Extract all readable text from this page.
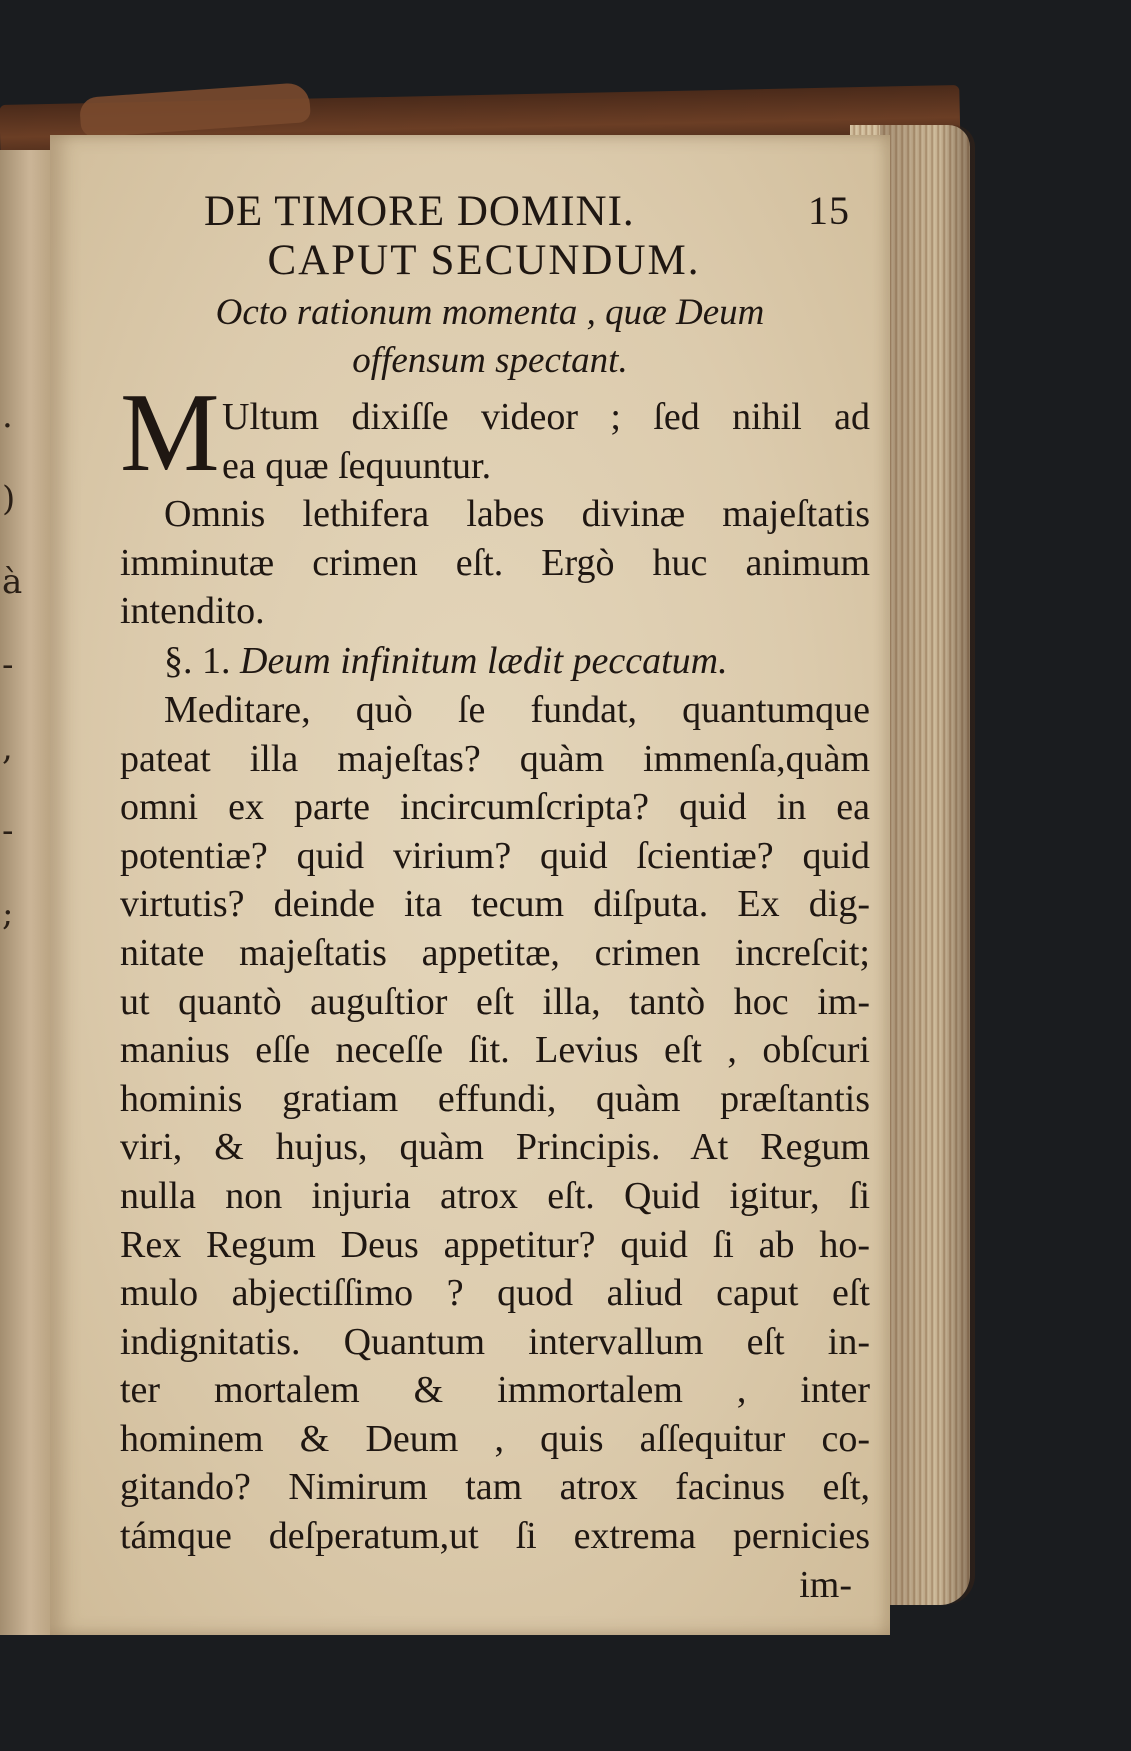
.
)
à
-
,
-
;
DE TIMORE DOMINI.	15
CAPUT SECUNDUM.
Octo rationum momenta , quæ Deum
offensum spectant.
M Ultum dixiſſe videor ; ſed nihil ad
ea quæ ſequuntur.
Omnis lethifera labes divinæ majeſtatis
imminutæ crimen eſt. Ergò huc animum
intendito.
§. 1. Deum infinitum lædit peccatum.
Meditare, quò ſe fundat, quantumque
pateat illa majeſtas? quàm immenſa,quàm
omni ex parte incircumſcripta? quid in ea
potentiæ? quid virium? quid ſcientiæ? quid
virtutis? deinde ita tecum diſputa. Ex dig-
nitate majeſtatis appetitæ, crimen increſcit;
ut quantò auguſtior eſt illa, tantò hoc im-
manius eſſe neceſſe ſit. Levius eſt , obſcuri
hominis gratiam effundi, quàm præſtantis
viri, & hujus, quàm Principis. At Regum
nulla non injuria atrox eſt. Quid igitur, ſi
Rex Regum Deus appetitur? quid ſi ab ho-
mulo abjectiſſimo ? quod aliud caput eſt
indignitatis. Quantum intervallum eſt in-
ter mortalem & immortalem , inter
hominem & Deum , quis aſſequitur co-
gitando? Nimirum tam atrox facinus eſt,
támque deſperatum,ut ſi extrema pernicies
im-
